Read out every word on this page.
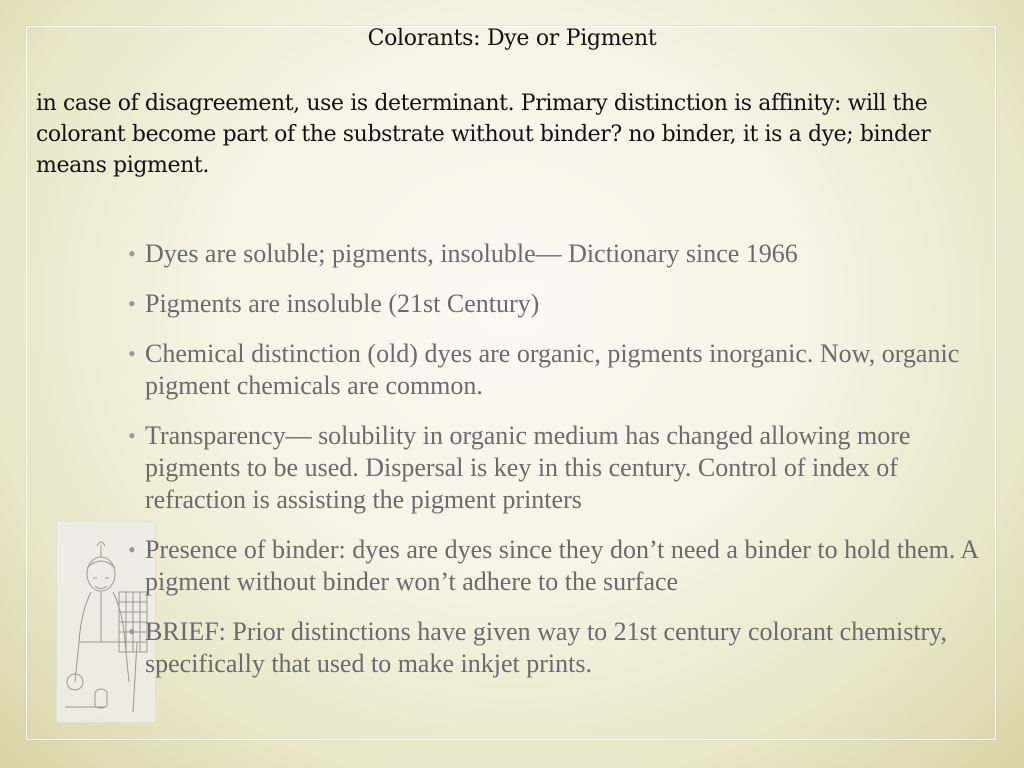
Colorants: Dye or Pigment
in case of disagreement, use is determinant. Primary distinction is affinity: will the colorant become part of the substrate without binder? no binder, it is a dye; binder means pigment.
• Dyes are soluble; pigments, insoluble— Dictionary since 1966
• Pigments are insoluble (21st Century)
• Chemical distinction (old) dyes are organic, pigments inorganic. Now, organic pigment chemicals are common.
• Transparency— solubility in organic medium has changed allowing more pigments to be used. Dispersal is key in this century. Control of index of refraction is assisting the pigment printers
• Presence of binder: dyes are dyes since they don’t need a binder to hold them. A pigment without binder won’t adhere to the surface
• BRIEF: Prior distinctions have given way to 21st century colorant chemistry, specifically that used to make inkjet prints.
